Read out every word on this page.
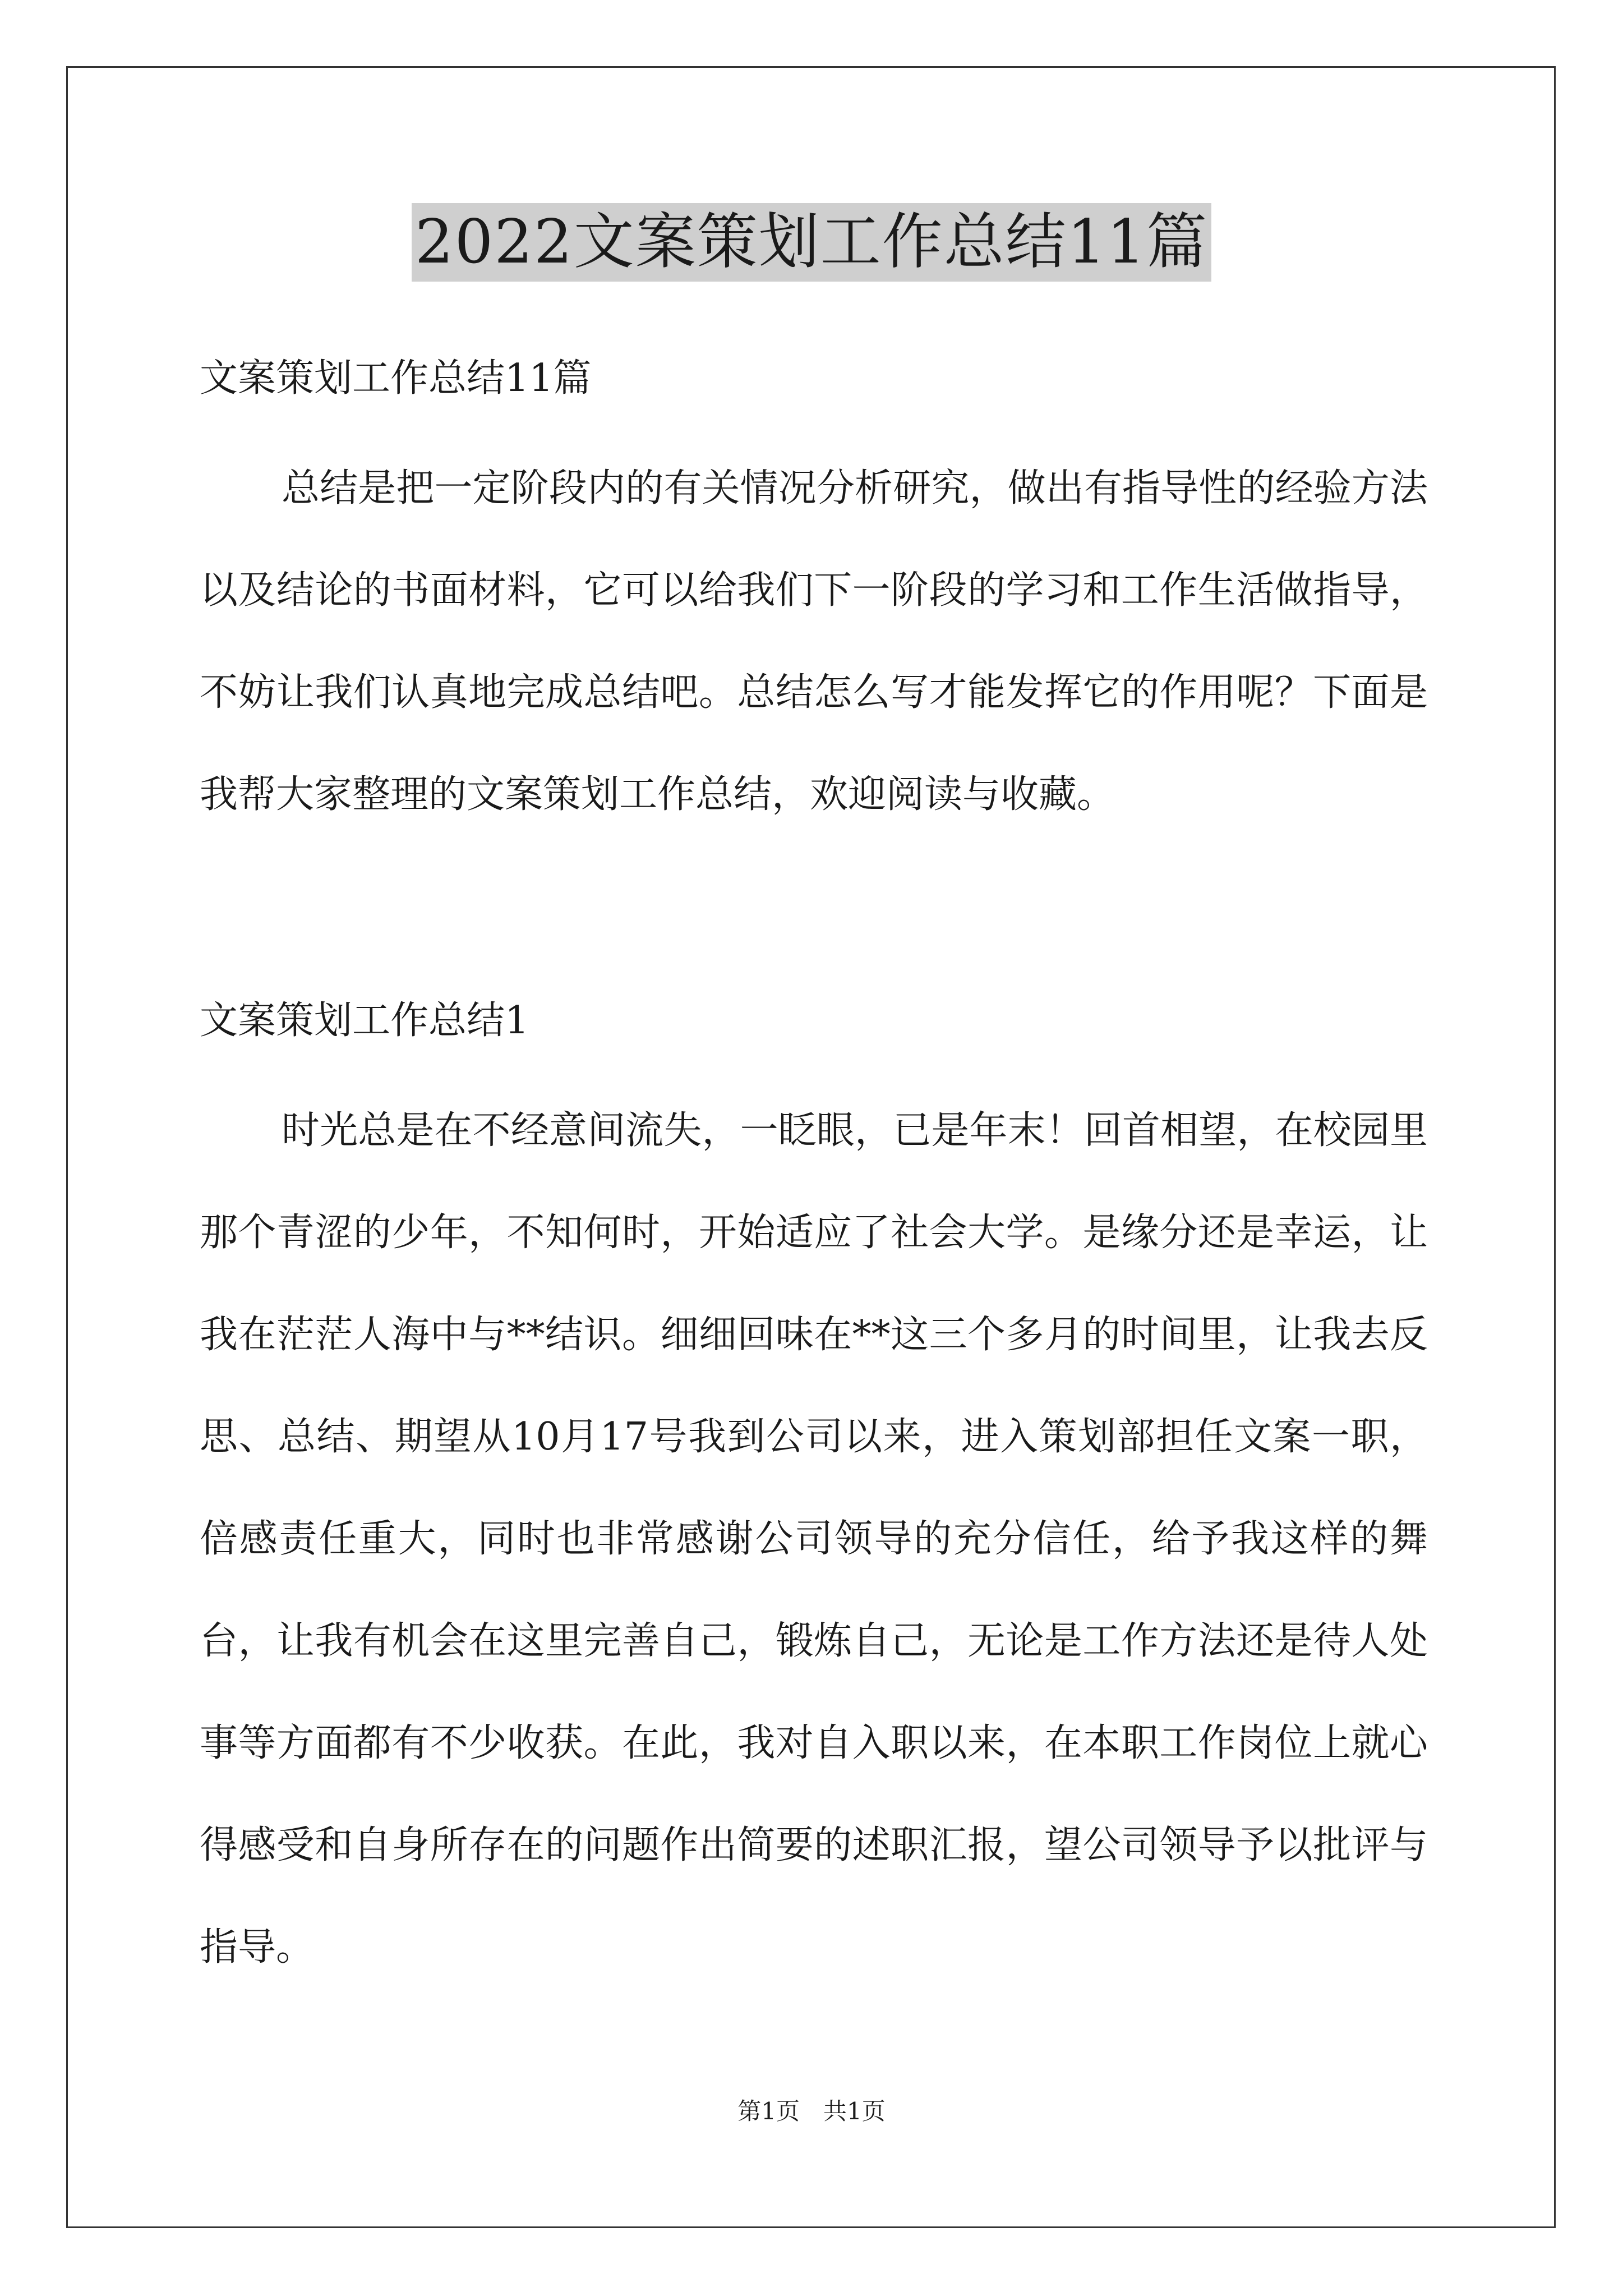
2022文案策划工作总结11篇
文案策划工作总结11篇

总结是把一定阶段内的有关情况分析研究，做出有指导性的经验方法以及结论的书面材料，它可以给我们下一阶段的学习和工作生活做指导，不妨让我们认真地完成总结吧。总结怎么写才能发挥它的作用呢？下面是我帮大家整理的文案策划工作总结，欢迎阅读与收藏。

文案策划工作总结1

时光总是在不经意间流失，一眨眼，已是年末！回首相望，在校园里那个青涩的少年，不知何时，开始适应了社会大学。是缘分还是幸运，让我在茫茫人海中与**结识。细细回味在**这三个多月的时间里，让我去反思、总结、期望从10月17号我到公司以来，进入策划部担任文案一职，倍感责任重大，同时也非常感谢公司领导的充分信任，给予我这样的舞台，让我有机会在这里完善自己，锻炼自己，无论是工作方法还是待人处事等方面都有不少收获。在此，我对自入职以来，在本职工作岗位上就心得感受和自身所存在的问题作出简要的述职汇报，望公司领导予以批评与指导。

第1页　共1页
